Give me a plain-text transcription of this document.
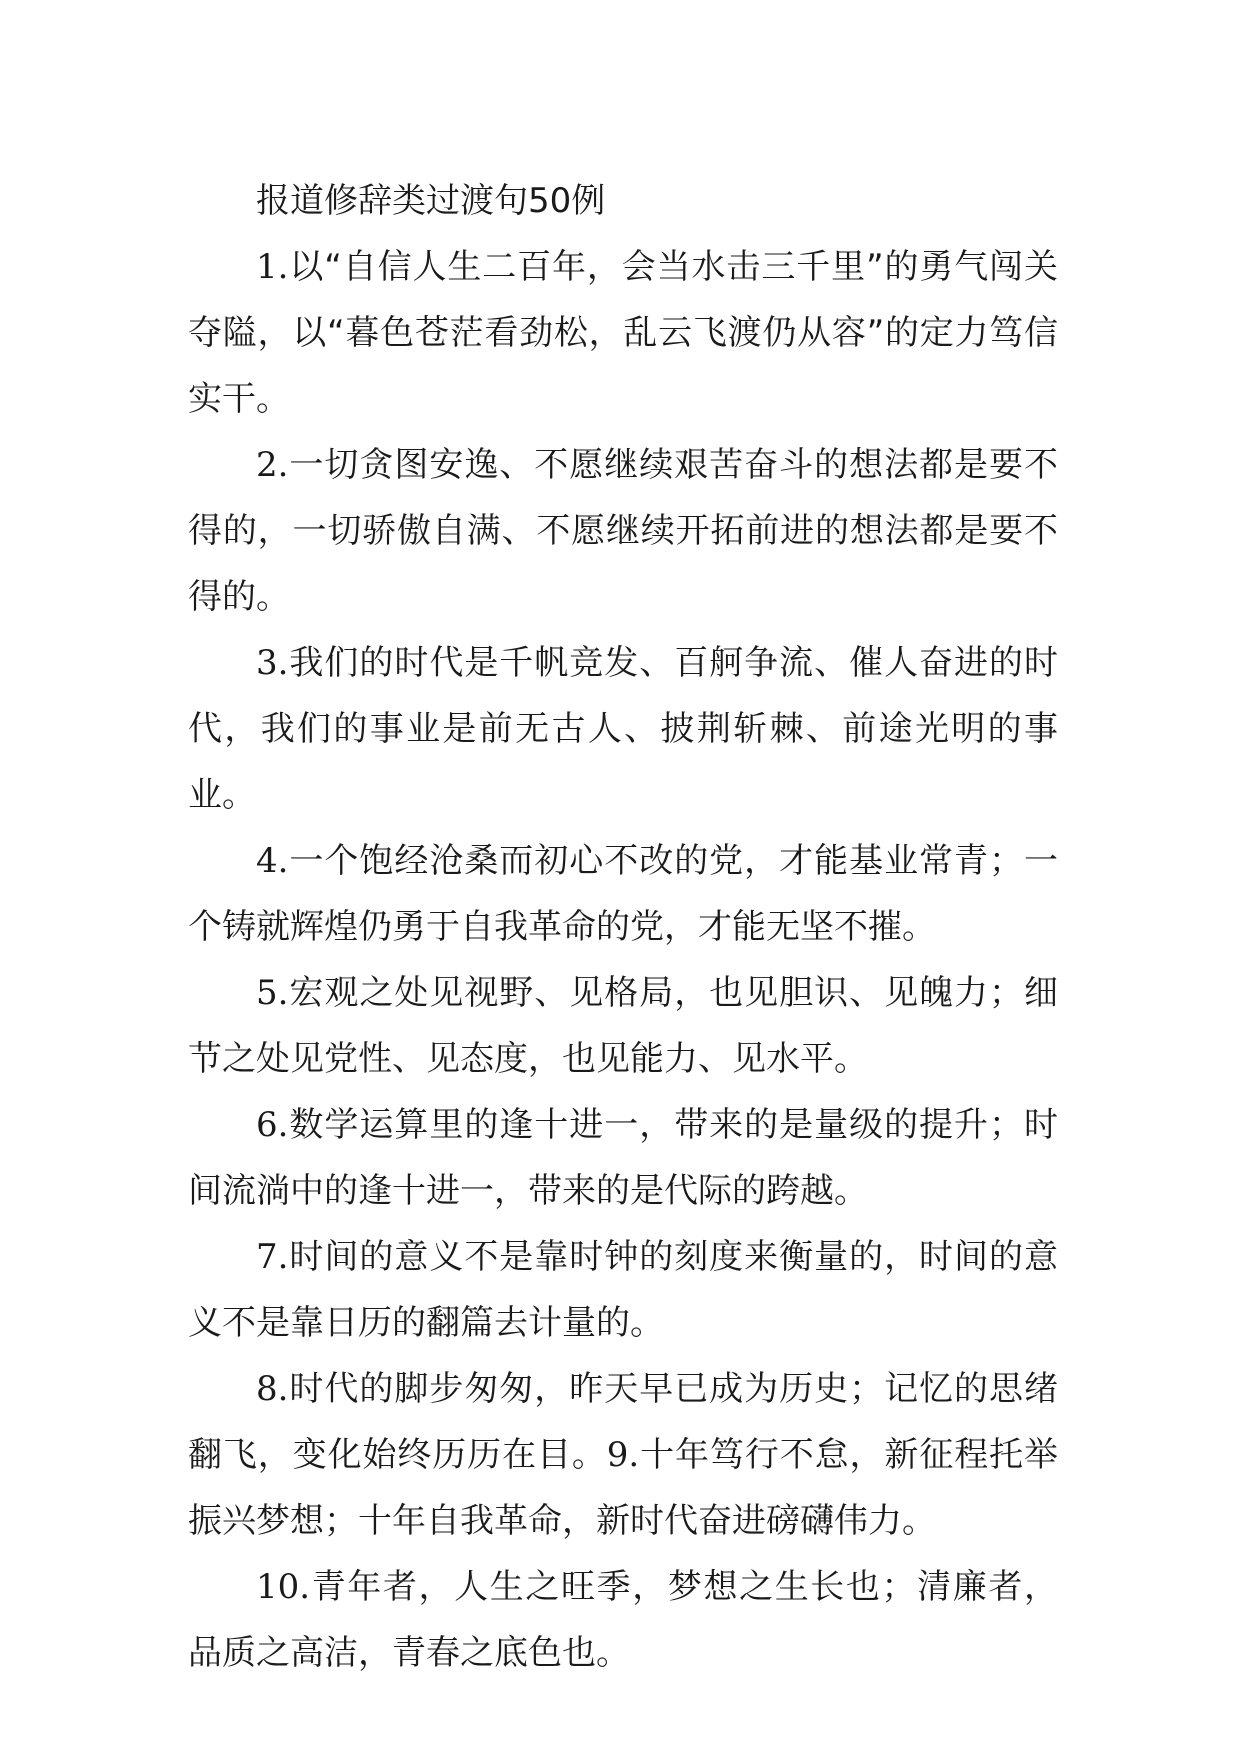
报道修辞类过渡句50例

1.以“自信人生二百年，会当水击三千里”的勇气闯关夺隘，以“暮色苍茫看劲松，乱云飞渡仍从容”的定力笃信实干。

2.一切贪图安逸、不愿继续艰苦奋斗的想法都是要不得的，一切骄傲自满、不愿继续开拓前进的想法都是要不得的。

3.我们的时代是千帆竞发、百舸争流、催人奋进的时代，我们的事业是前无古人、披荆斩棘、前途光明的事业。

4.一个饱经沧桑而初心不改的党，才能基业常青；一个铸就辉煌仍勇于自我革命的党，才能无坚不摧。

5.宏观之处见视野、见格局，也见胆识、见魄力；细节之处见党性、见态度，也见能力、见水平。

6.数学运算里的逢十进一，带来的是量级的提升；时间流淌中的逢十进一，带来的是代际的跨越。

7.时间的意义不是靠时钟的刻度来衡量的，时间的意义不是靠日历的翻篇去计量的。

8.时代的脚步匆匆，昨天早已成为历史；记忆的思绪翻飞，变化始终历历在目。9.十年笃行不怠，新征程托举振兴梦想；十年自我革命，新时代奋进磅礴伟力。

10.青年者，人生之旺季，梦想之生长也；清廉者，品质之高洁，青春之底色也。
